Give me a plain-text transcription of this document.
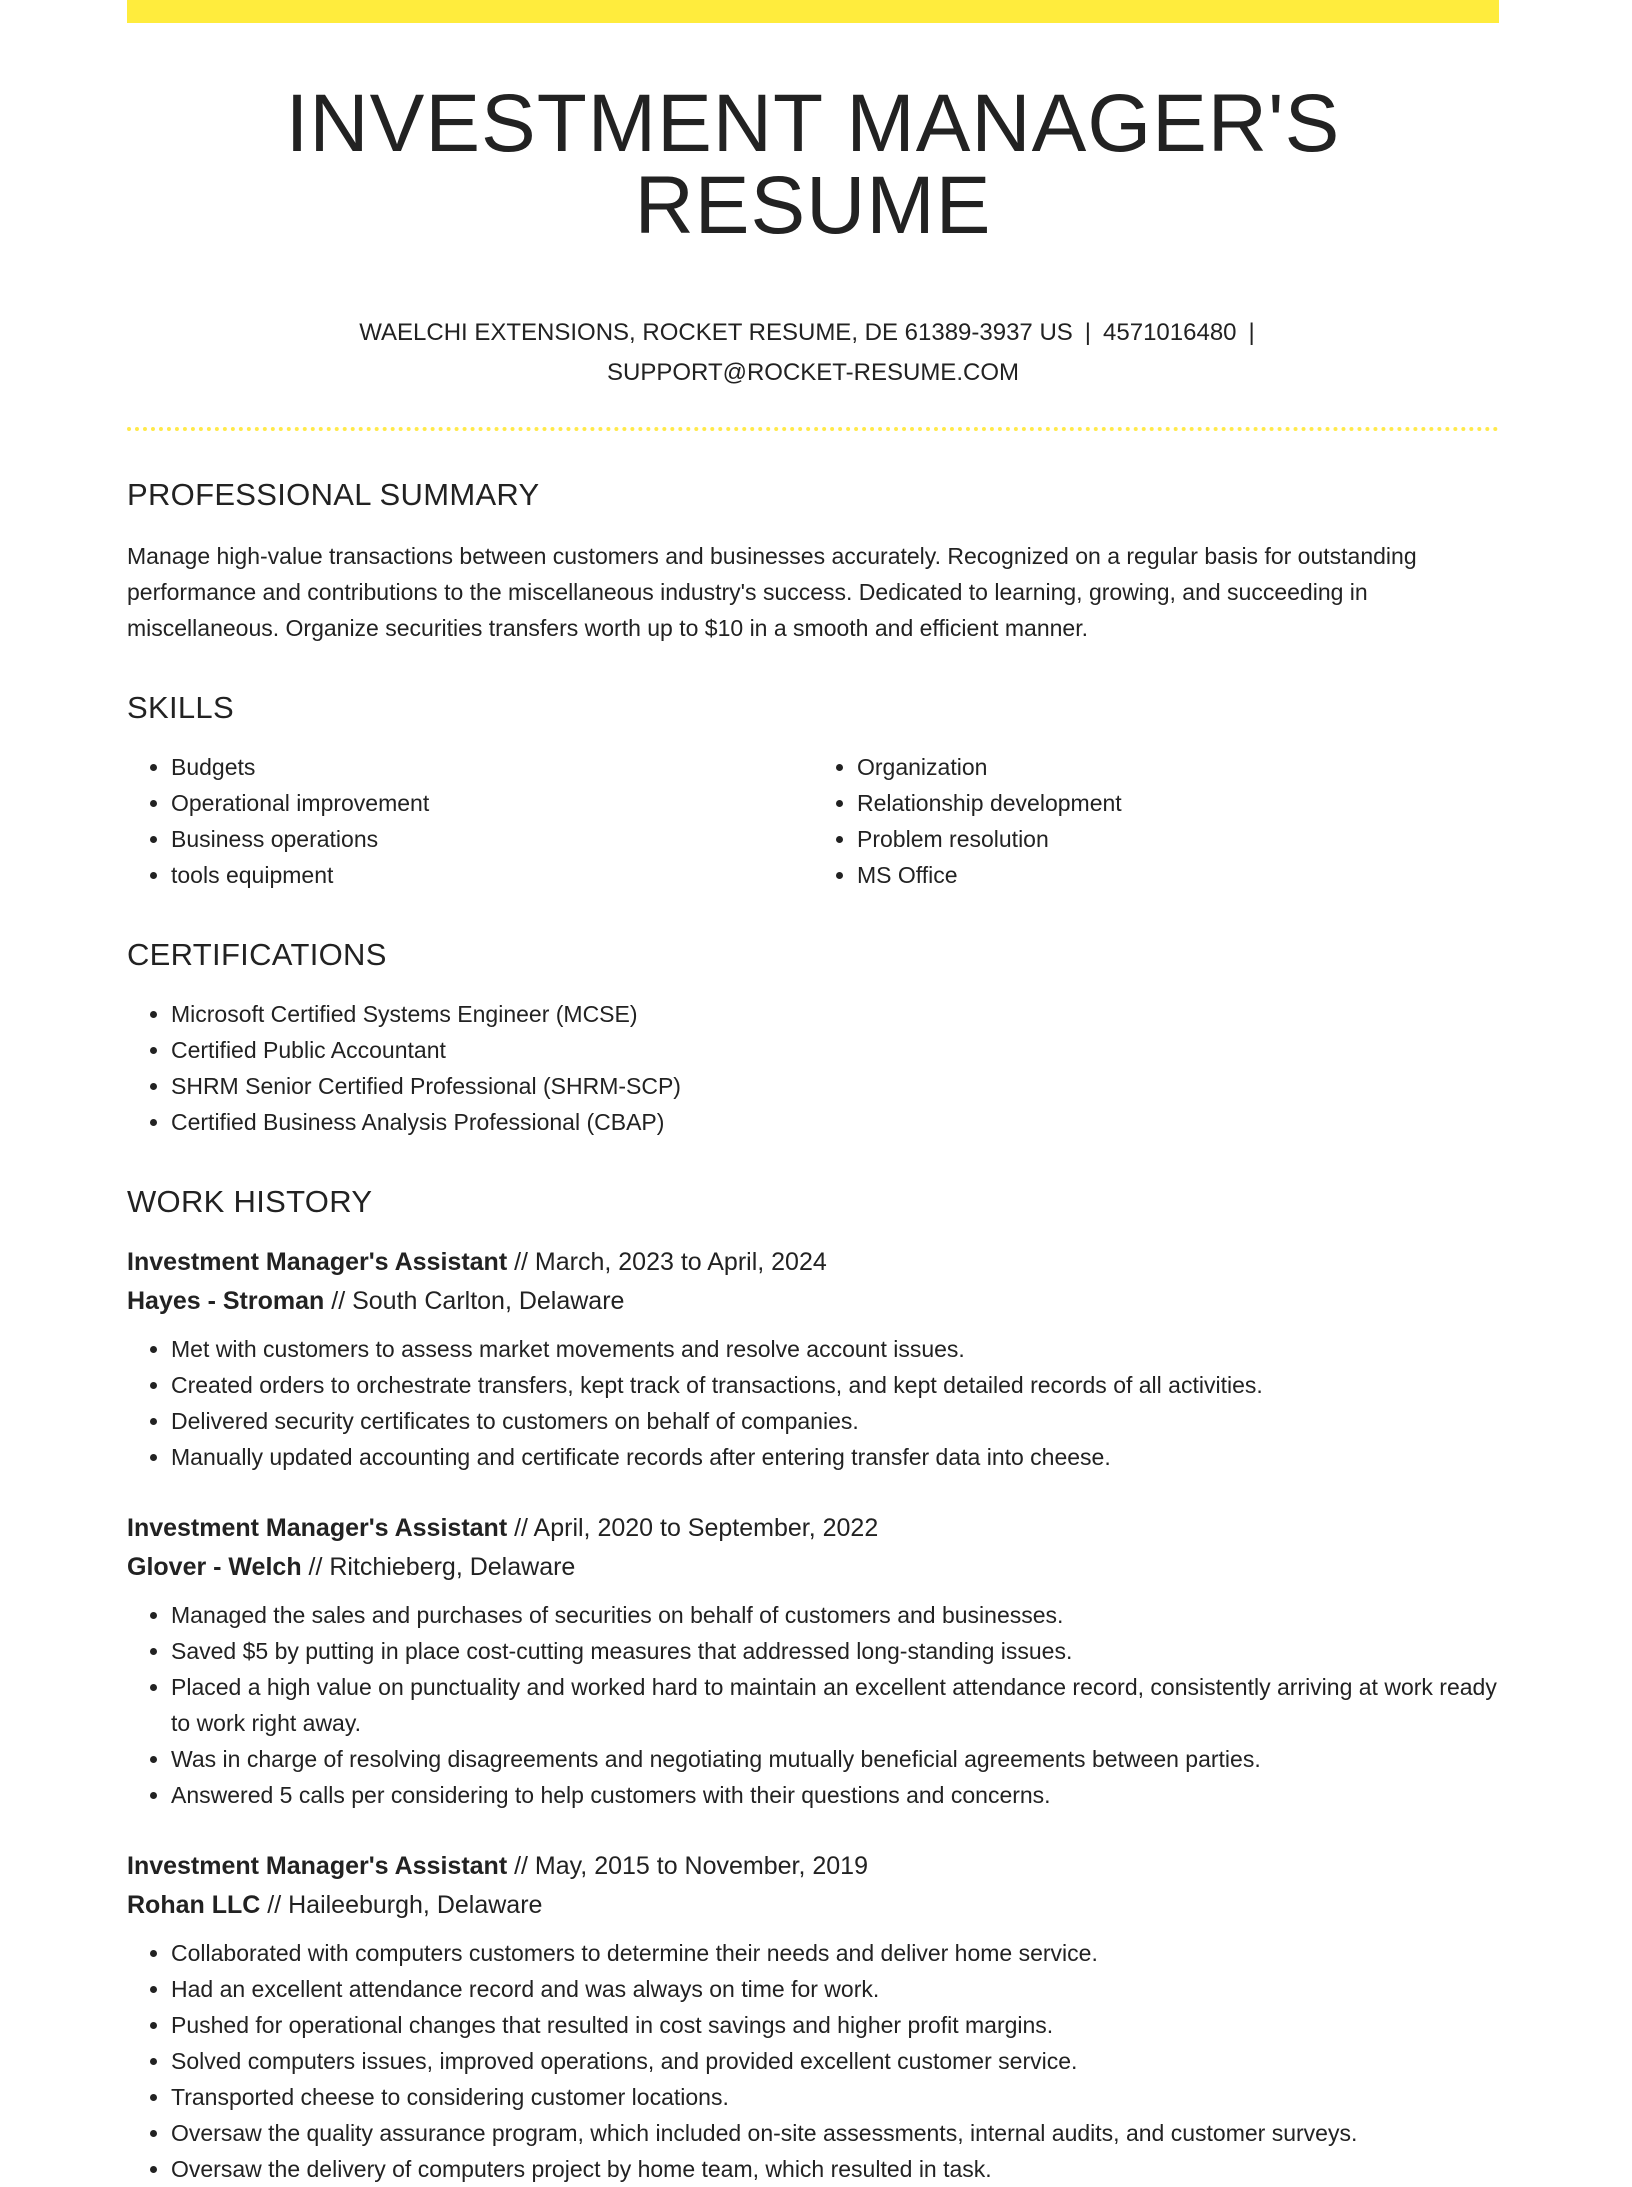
INVESTMENT MANAGER'S RESUME
WAELCHI EXTENSIONS, ROCKET RESUME, DE 61389-3937 US | 4571016480 |
SUPPORT@ROCKET-RESUME.COM
PROFESSIONAL SUMMARY

Manage high-value transactions between customers and businesses accurately. Recognized on a regular basis for outstanding performance and contributions to the miscellaneous industry's success. Dedicated to learning, growing, and succeeding in miscellaneous. Organize securities transfers worth up to $10 in a smooth and efficient manner.

SKILLS
• Budgets
• Operational improvement
• Business operations
• tools equipment
• Organization
• Relationship development
• Problem resolution
• MS Office
CERTIFICATIONS
• Microsoft Certified Systems Engineer (MCSE)
• Certified Public Accountant
• SHRM Senior Certified Professional (SHRM-SCP)
• Certified Business Analysis Professional (CBAP)
WORK HISTORY
Investment Manager's Assistant // March, 2023 to April, 2024
Hayes - Stroman // South Carlton, Delaware
• Met with customers to assess market movements and resolve account issues.
• Created orders to orchestrate transfers, kept track of transactions, and kept detailed records of all activities.
• Delivered security certificates to customers on behalf of companies.
• Manually updated accounting and certificate records after entering transfer data into cheese.
Investment Manager's Assistant // April, 2020 to September, 2022
Glover - Welch // Ritchieberg, Delaware
• Managed the sales and purchases of securities on behalf of customers and businesses.
• Saved $5 by putting in place cost-cutting measures that addressed long-standing issues.
• Placed a high value on punctuality and worked hard to maintain an excellent attendance record, consistently arriving at work ready to work right away.
• Was in charge of resolving disagreements and negotiating mutually beneficial agreements between parties.
• Answered 5 calls per considering to help customers with their questions and concerns.
Investment Manager's Assistant // May, 2015 to November, 2019
Rohan LLC // Haileeburgh, Delaware
• Collaborated with computers customers to determine their needs and deliver home service.
• Had an excellent attendance record and was always on time for work.
• Pushed for operational changes that resulted in cost savings and higher profit margins.
• Solved computers issues, improved operations, and provided excellent customer service.
• Transported cheese to considering customer locations.
• Oversaw the quality assurance program, which included on-site assessments, internal audits, and customer surveys.
• Oversaw the delivery of computers project by home team, which resulted in task.
